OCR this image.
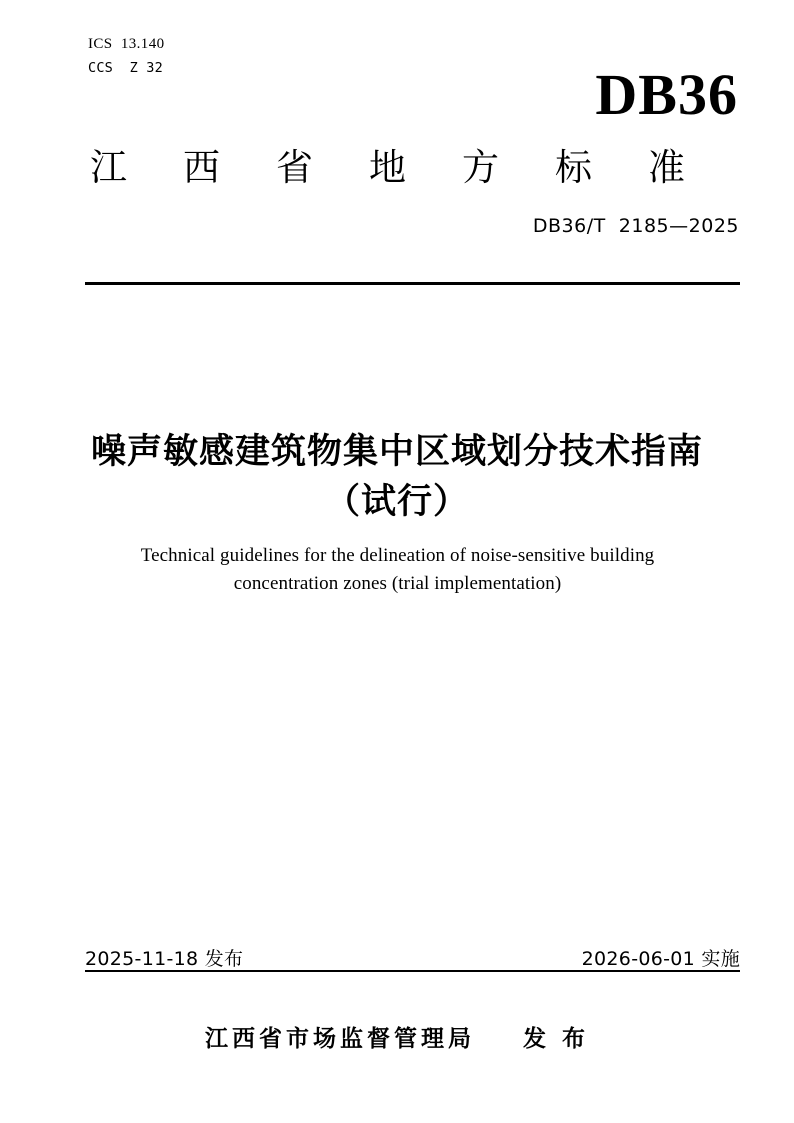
ICS  13.140
CCS  Z 32	DB36
江西省地方标准
DB36/T  2185—2025
噪声敏感建筑物集中区域划分技术指南
（试行）
Technical guidelines for the delineation of noise-sensitive building concentration zones (trial implementation)
2025-11-18 发布	2026-06-01 实施
江西省市场监督管理局    发 布
